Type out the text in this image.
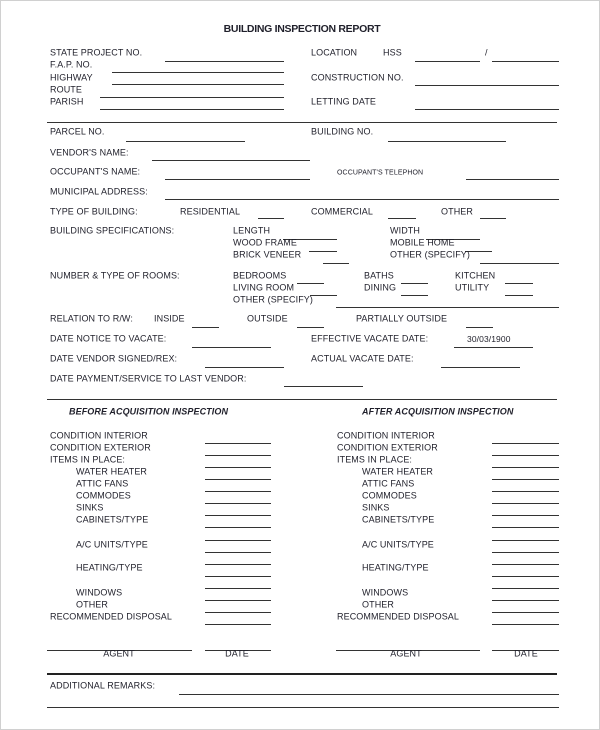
BUILDING INSPECTION REPORT
STATE PROJECT NO.
F.A.P. NO.
HIGHWAY
ROUTE
PARISH
LOCATION	HSS	/
CONSTRUCTION NO.
LETTING DATE
PARCEL NO.	BUILDING NO.
VENDOR'S NAME:
OCCUPANT'S NAME:	OCCUPANT'S TELEPHON
MUNICIPAL ADDRESS:
TYPE OF BUILDING:	RESIDENTIAL	COMMERCIAL	OTHER
BUILDING SPECIFICATIONS:	LENGTH	WIDTH
WOOD FRAME	MOBILE HOME
BRICK VENEER	OTHER (SPECIFY)
NUMBER & TYPE OF ROOMS:	BEDROOMS	BATHS	KITCHEN
LIVING ROOM	DINING	UTILITY
OTHER (SPECIFY)
RELATION TO R/W: INSIDE	OUTSIDE	PARTIALLY OUTSIDE
DATE NOTICE TO VACATE:	EFFECTIVE VACATE DATE:	30/03/1900
DATE VENDOR SIGNED/REX:	ACTUAL VACATE DATE:
DATE PAYMENT/SERVICE TO LAST VENDOR:
BEFORE ACQUISITION INSPECTION	AFTER ACQUISITION INSPECTION
CONDITION INTERIOR
CONDITION EXTERIOR
ITEMS IN PLACE:
WATER HEATER
ATTIC FANS
COMMODES
SINKS
CABINETS/TYPE
A/C UNITS/TYPE
HEATING/TYPE
WINDOWS
OTHER
RECOMMENDED DISPOSAL
CONDITION INTERIOR
CONDITION EXTERIOR
ITEMS IN PLACE:
WATER HEATER
ATTIC FANS
COMMODES
SINKS
CABINETS/TYPE
A/C UNITS/TYPE
HEATING/TYPE
WINDOWS
OTHER
RECOMMENDED DISPOSAL
AGENT	DATE	AGENT	DATE
ADDITIONAL REMARKS:
